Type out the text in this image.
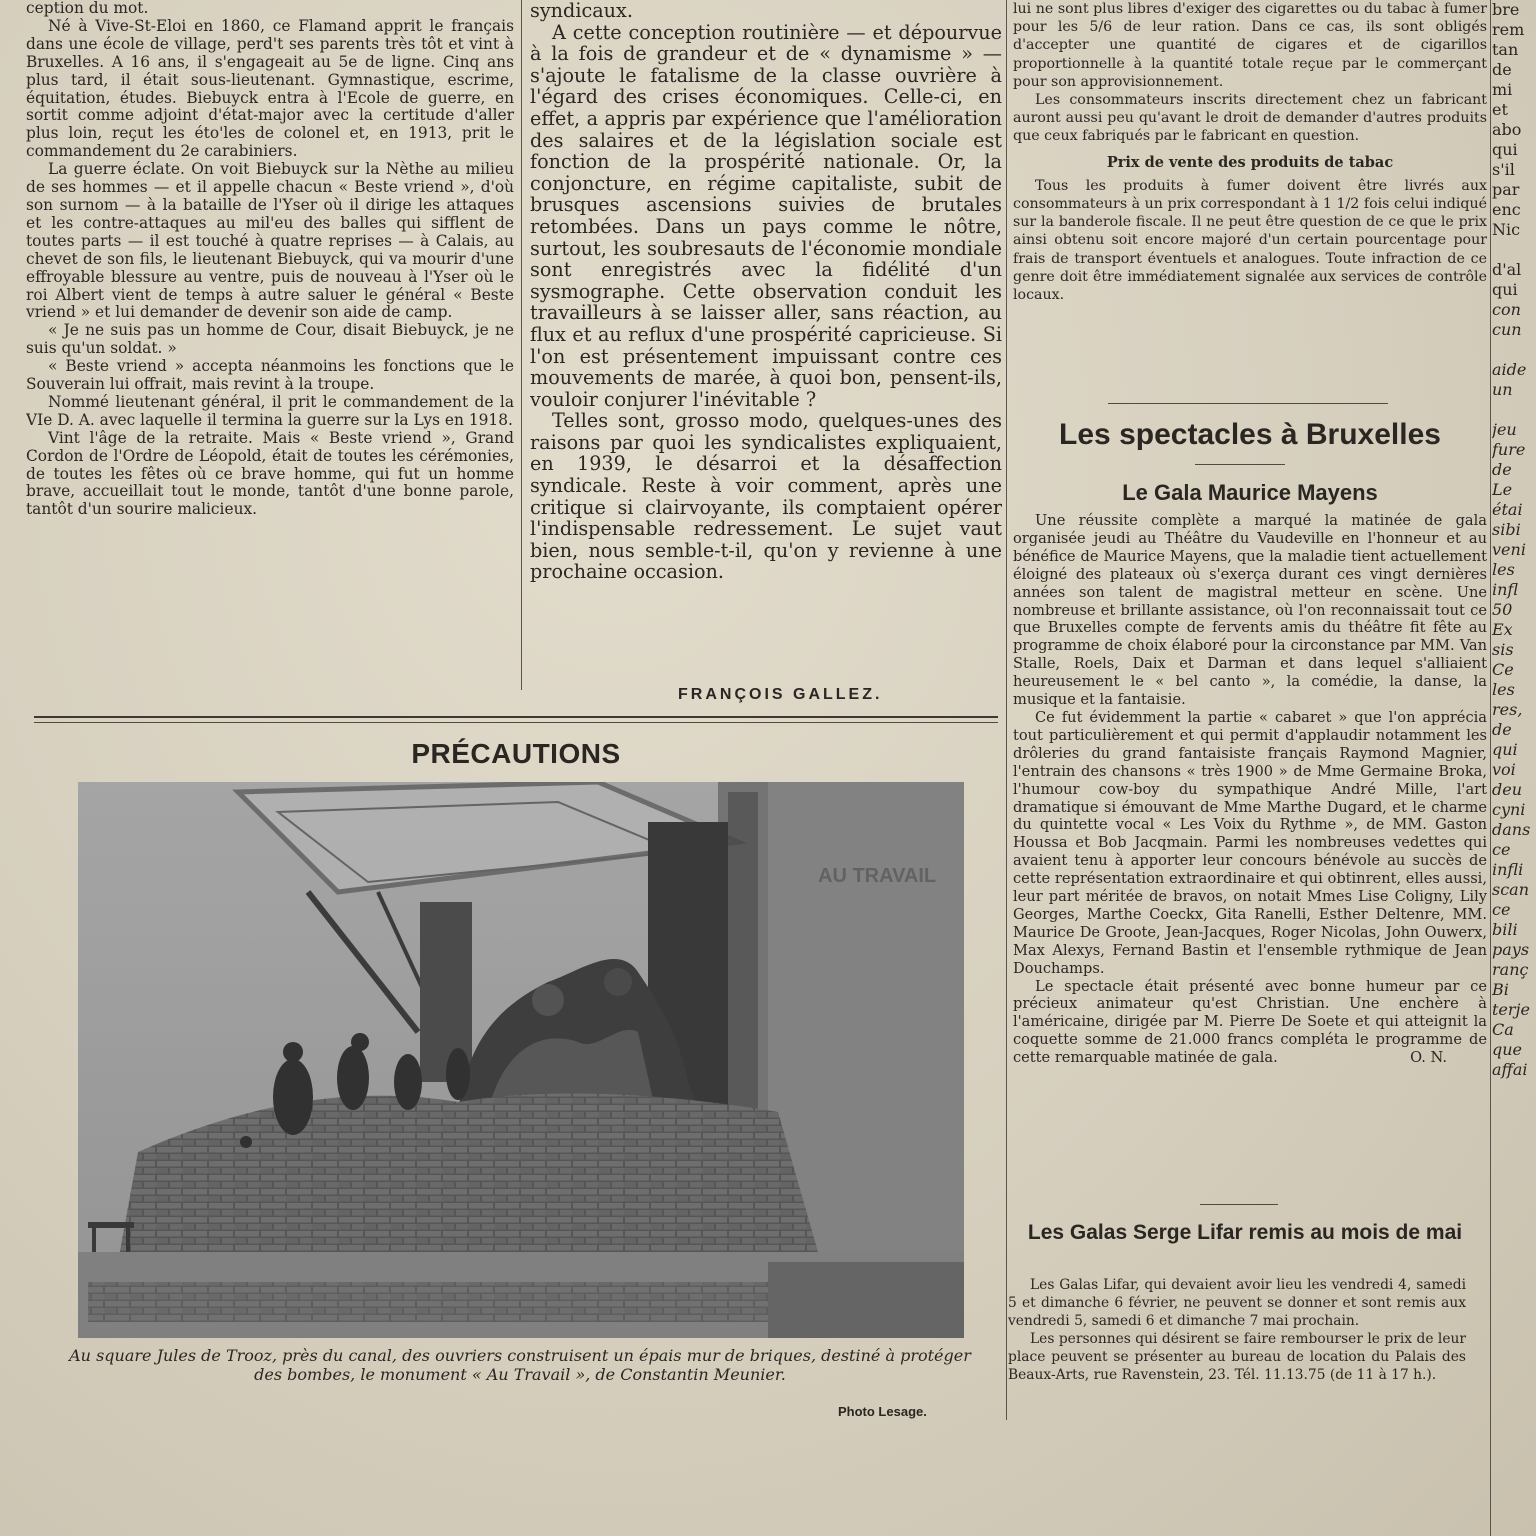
ception du mot.

Né à Vive-St-Eloi en 1860, ce Flamand apprit le français dans une école de village, perd't ses parents très tôt et vint à Bruxelles. A 16 ans, il s'engageait au 5e de ligne. Cinq ans plus tard, il était sous-lieutenant. Gymnastique, escrime, équitation, études. Biebuyck entra à l'Ecole de guerre, en sortit comme adjoint d'état-major avec la certitude d'aller plus loin, reçut les éto'les de colonel et, en 1913, prit le commandement du 2e carabiniers.

La guerre éclate. On voit Biebuyck sur la Nèthe au milieu de ses hommes — et il appelle chacun « Beste vriend », d'où son surnom — à la bataille de l'Yser où il dirige les attaques et les contre-attaques au mil'eu des balles qui sifflent de toutes parts — il est touché à quatre reprises — à Calais, au chevet de son fils, le lieutenant Biebuyck, qui va mourir d'une effroyable blessure au ventre, puis de nouveau à l'Yser où le roi Albert vient de temps à autre saluer le général « Beste vriend » et lui demander de devenir son aide de camp.

« Je ne suis pas un homme de Cour, disait Biebuyck, je ne suis qu'un soldat. »

« Beste vriend » accepta néanmoins les fonctions que le Souverain lui offrait, mais revint à la troupe.

Nommé lieutenant général, il prit le commandement de la VIe D. A. avec laquelle il termina la guerre sur la Lys en 1918.

Vint l'âge de la retraite. Mais « Beste vriend », Grand Cordon de l'Ordre de Léopold, était de toutes les cérémonies, de toutes les fêtes où ce brave homme, qui fut un homme brave, accueillait tout le monde, tantôt d'une bonne parole, tantôt d'un sourire malicieux.

syndicaux.

A cette conception routinière — et dépourvue à la fois de grandeur et de « dynamisme » — s'ajoute le fatalisme de la classe ouvrière à l'égard des crises économiques. Celle-ci, en effet, a appris par expérience que l'amélioration des salaires et de la législation sociale est fonction de la prospérité nationale. Or, la conjoncture, en régime capitaliste, subit de brusques ascensions suivies de brutales retombées. Dans un pays comme le nôtre, surtout, les soubresauts de l'économie mondiale sont enregistrés avec la fidélité d'un sysmographe. Cette observation conduit les travailleurs à se laisser aller, sans réaction, au flux et au reflux d'une prospérité capricieuse. Si l'on est présentement impuissant contre ces mouvements de marée, à quoi bon, pensent-ils, vouloir conjurer l'inévitable ?

Telles sont, grosso modo, quelques-unes des raisons par quoi les syndicalistes expliquaient, en 1939, le désarroi et la désaffection syndicale. Reste à voir comment, après une critique si clairvoyante, ils comptaient opérer l'indispensable redressement. Le sujet vaut bien, nous semble-t-il, qu'on y revienne à une prochaine occasion.

FRANÇOIS GALLEZ.

lui ne sont plus libres d'exiger des cigarettes ou du tabac à fumer pour les 5/6 de leur ration. Dans ce cas, ils sont obligés d'accepter une quantité de cigares et de cigarillos proportionnelle à la quantité totale reçue par le commerçant pour son approvisionnement.

Les consommateurs inscrits directement chez un fabricant auront aussi peu qu'avant le droit de demander d'autres produits que ceux fabriqués par le fabricant en question.

Prix de vente des produits de tabac

Tous les produits à fumer doivent être livrés aux consommateurs à un prix correspondant à 1 1/2 fois celui indiqué sur la banderole fiscale. Il ne peut être question de ce que le prix ainsi obtenu soit encore majoré d'un certain pourcentage pour frais de transport éventuels et analogues. Toute infraction de ce genre doit être immédiatement signalée aux services de contrôle locaux.

Les spectacles à Bruxelles
Le Gala Maurice Mayens

Une réussite complète a marqué la matinée de gala organisée jeudi au Théâtre du Vaudeville en l'honneur et au bénéfice de Maurice Mayens, que la maladie tient actuellement éloigné des plateaux où s'exerça durant ces vingt dernières années son talent de magistral metteur en scène. Une nombreuse et brillante assistance, où l'on reconnaissait tout ce que Bruxelles compte de fervents amis du théâtre fit fête au programme de choix élaboré pour la circonstance par MM. Van Stalle, Roels, Daix et Darman et dans lequel s'alliaient heureusement le « bel canto », la comédie, la danse, la musique et la fantaisie.

Ce fut évidemment la partie « cabaret » que l'on apprécia tout particulièrement et qui permit d'applaudir notamment les drôleries du grand fantaisiste français Raymond Magnier, l'entrain des chansons « très 1900 » de Mme Germaine Broka, l'humour cow-boy du sympathique André Mille, l'art dramatique si émouvant de Mme Marthe Dugard, et le charme du quintette vocal « Les Voix du Rythme », de MM. Gaston Houssa et Bob Jacqmain. Parmi les nombreuses vedettes qui avaient tenu à apporter leur concours bénévole au succès de cette représentation extraordinaire et qui obtinrent, elles aussi, leur part méritée de bravos, on notait Mmes Lise Coligny, Lily Georges, Marthe Coeckx, Gita Ranelli, Esther Deltenre, MM. Maurice De Groote, Jean-Jacques, Roger Nicolas, John Ouwerx, Max Alexys, Fernand Bastin et l'ensemble rythmique de Jean Douchamps.

Le spectacle était présenté avec bonne humeur par ce précieux animateur qu'est Christian. Une enchère à l'américaine, dirigée par M. Pierre De Soete et qui atteignit la coquette somme de 21.000 francs compléta le programme de cette remarquable matinée de gala.	O. N.
Les Galas Serge Lifar remis au mois de mai

Les Galas Lifar, qui devaient avoir lieu les vendredi 4, samedi 5 et dimanche 6 février, ne peuvent se donner et sont remis aux vendredi 5, samedi 6 et dimanche 7 mai prochain.

Les personnes qui désirent se faire rembourser le prix de leur place peuvent se présenter au bureau de location du Palais des Beaux-Arts, rue Ravenstein, 23. Tél. 11.13.75 (de 11 à 17 h.).

PRÉCAUTIONS
AU TRAVAIL
Au square Jules de Trooz, près du canal, des ouvriers construisent un épais mur de briques, destiné à protéger des bombes, le monument « Au Travail », de Constantin Meunier.
Photo Lesage.
bre
rem
tan
de
mi
et
abo
qui
s'il
par
enc
Nic

d'al
qui
con
cun

aide
un

jeu
fure
de
Le
étai
sibi
veni
les
infl
50
Ex
sis
Ce
les
res,
de
qui
voi
deu
cyni
dans
ce
infli
scan
ce
bili
pays
ranç
Bi
terje
Ca
que
affai
